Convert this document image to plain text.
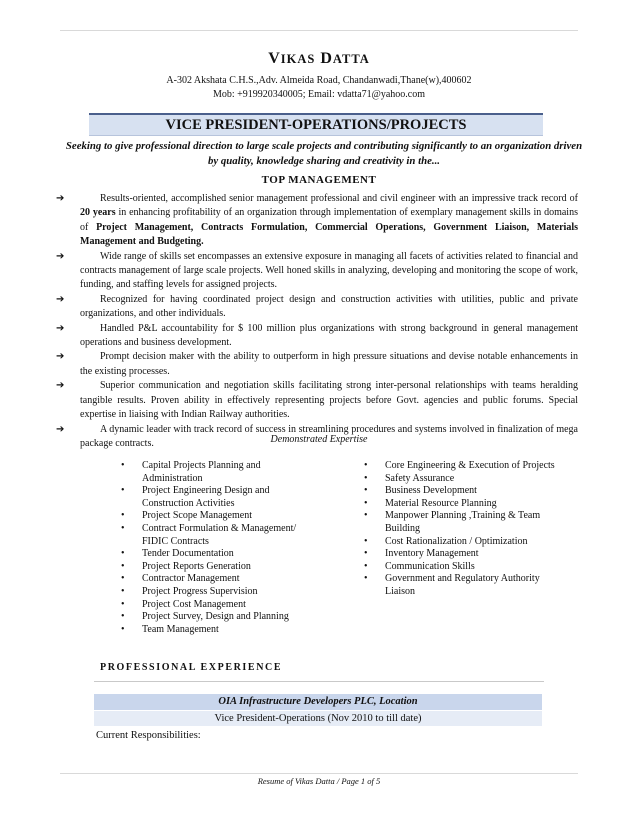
VIKAS DATTA
A-302 Akshata C.H.S.,Adv. Almeida Road, Chandanwadi,Thane(w),400602
Mob: +919920340005; Email: vdatta71@yahoo.com
VICE PRESIDENT-OPERATIONS/PROJECTS
Seeking to give professional direction to large scale projects and contributing significantly to an organization driven by quality, knowledge sharing and creativity in the...
TOP MANAGEMENT
➔	Results-oriented, accomplished senior management professional and civil engineer with an impressive track record of 20 years in enhancing profitability of an organization through implementation of exemplary management skills in domains of Project Management, Contracts Formulation, Commercial Operations, Government Liaison, Materials Management and Budgeting.
➔	Wide range of skills set encompasses an extensive exposure in managing all facets of activities related to financial and contracts management of large scale projects. Well honed skills in analyzing, developing and monitoring the scope of work, funding, and staffing levels for assigned projects.
➔	Recognized for having coordinated project design and construction activities with utilities, public and private organizations, and other individuals.
➔	Handled P&L accountability for $ 100 million plus organizations with strong background in general management operations and business development.
➔	Prompt decision maker with the ability to outperform in high pressure situations and devise notable enhancements in the existing processes.
➔	Superior communication and negotiation skills facilitating strong inter-personal relationships with teams heralding tangible results. Proven ability in effectively representing projects before Govt. agencies and public forums. Special expertise in liaising with Indian Railway authorities.
➔	A dynamic leader with track record of success in streamlining procedures and systems involved in finalization of mega package contracts.	Demonstrated Expertise
• Capital Projects Planning and Administration
• Project Engineering Design and Construction Activities
• Project Scope Management
• Contract Formulation & Management/ FIDIC Contracts
• Tender Documentation
• Project Reports Generation
• Contractor Management
• Project Progress Supervision
• Project Cost Management
• Project Survey, Design and Planning
• Team Management
• Core Engineering & Execution of Projects
• Safety Assurance
• Business Development
• Material Resource Planning
• Manpower Planning ,Training & Team Building
• Cost Rationalization / Optimization
• Inventory Management
• Communication Skills
• Government and Regulatory Authority Liaison
PROFESSIONAL EXPERIENCE
OIA Infrastructure Developers PLC, Location
Vice President-Operations (Nov 2010 to till date)
Current Responsibilities:
Resume of Vikas Datta / Page 1 of 5
